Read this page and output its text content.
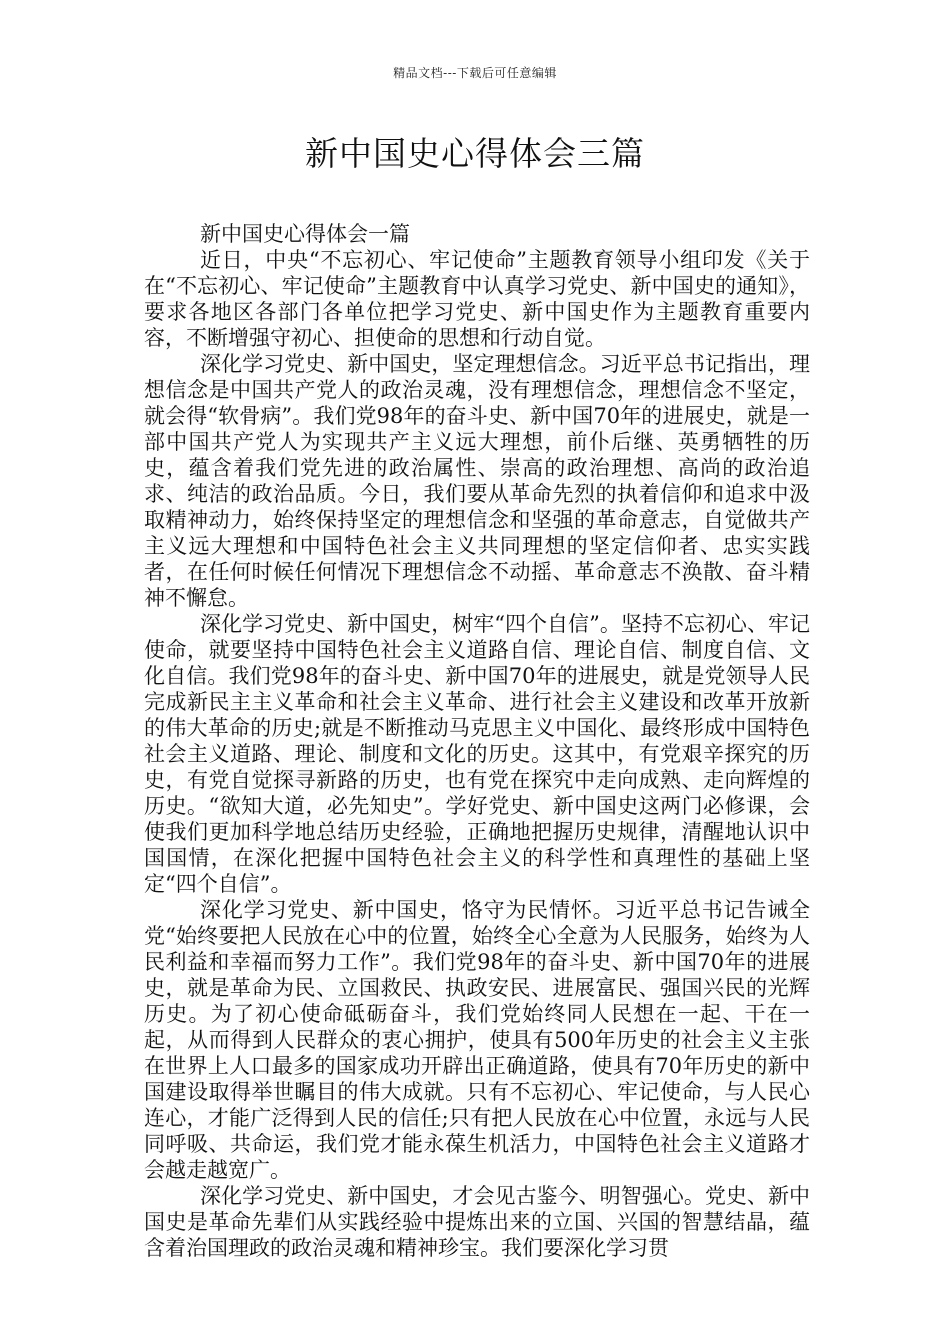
精品文档---下载后可任意编辑
新中国史心得体会三篇

新中国史心得体会一篇

近日，中央“不忘初心、牢记使命”主题教育领导小组印发《关于在“不忘初心、牢记使命”主题教育中认真学习党史、新中国史的通知》，要求各地区各部门各单位把学习党史、新中国史作为主题教育重要内容，不断增强守初心、担使命的思想和行动自觉。

深化学习党史、新中国史，坚定理想信念。习近平总书记指出，理想信念是中国共产党人的政治灵魂，没有理想信念，理想信念不坚定，就会得“软骨病”。我们党98年的奋斗史、新中国70年的进展史，就是一部中国共产党人为实现共产主义远大理想，前仆后继、英勇牺牲的历史，蕴含着我们党先进的政治属性、崇高的政治理想、高尚的政治追求、纯洁的政治品质。今日，我们要从革命先烈的执着信仰和追求中汲取精神动力，始终保持坚定的理想信念和坚强的革命意志，自觉做共产主义远大理想和中国特色社会主义共同理想的坚定信仰者、忠实实践者，在任何时候任何情况下理想信念不动摇、革命意志不涣散、奋斗精神不懈怠。

深化学习党史、新中国史，树牢“四个自信”。坚持不忘初心、牢记使命，就要坚持中国特色社会主义道路自信、理论自信、制度自信、文化自信。我们党98年的奋斗史、新中国70年的进展史，就是党领导人民完成新民主主义革命和社会主义革命、进行社会主义建设和改革开放新的伟大革命的历史;就是不断推动马克思主义中国化、最终形成中国特色社会主义道路、理论、制度和文化的历史。这其中，有党艰辛探究的历史，有党自觉探寻新路的历史，也有党在探究中走向成熟、走向辉煌的历史。“欲知大道，必先知史”。学好党史、新中国史这两门必修课，会使我们更加科学地总结历史经验，正确地把握历史规律，清醒地认识中国国情，在深化把握中国特色社会主义的科学性和真理性的基础上坚定“四个自信”。

深化学习党史、新中国史，恪守为民情怀。习近平总书记告诫全党“始终要把人民放在心中的位置，始终全心全意为人民服务，始终为人民利益和幸福而努力工作”。我们党98年的奋斗史、新中国70年的进展史，就是革命为民、立国救民、执政安民、进展富民、强国兴民的光辉历史。为了初心使命砥砺奋斗，我们党始终同人民想在一起、干在一起，从而得到人民群众的衷心拥护，使具有500年历史的社会主义主张在世界上人口最多的国家成功开辟出正确道路，使具有70年历史的新中国建设取得举世瞩目的伟大成就。只有不忘初心、牢记使命，与人民心连心，才能广泛得到人民的信任;只有把人民放在心中位置，永远与人民同呼吸、共命运，我们党才能永葆生机活力，中国特色社会主义道路才会越走越宽广。

深化学习党史、新中国史，才会见古鉴今、明智强心。党史、新中国史是革命先辈们从实践经验中提炼出来的立国、兴国的智慧结晶，蕴含着治国理政的政治灵魂和精神珍宝。我们要深化学习贯
